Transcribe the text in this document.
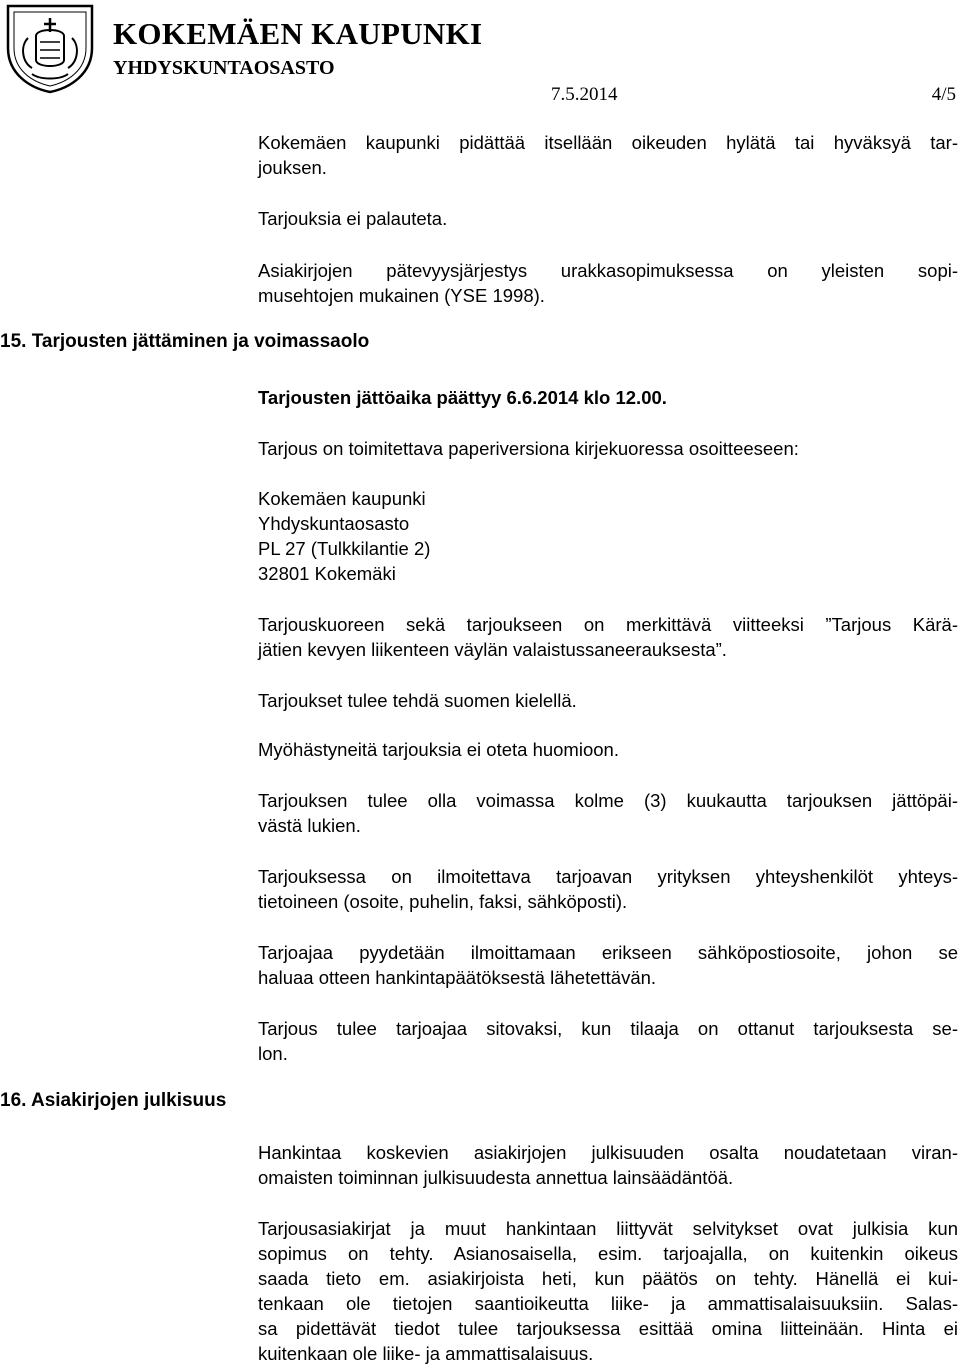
KOKEMÄEN KAUPUNKI
YHDYSKUNTAOSASTO
7.5.2014	4/5
15. Tarjousten jättäminen ja voimassaolo
16. Asiakirjojen julkisuus

Kokemäen kaupunki pidättää itsellään oikeuden hylätä tai hyväksyä tar-
jouksen.

Tarjouksia ei palauteta.

Asiakirjojen pätevyysjärjestys urakkasopimuksessa on yleisten sopi-
musehtojen mukainen (YSE 1998).

Tarjousten jättöaika päättyy 6.6.2014 klo 12.00.

Tarjous on toimitettava paperiversiona kirjekuoressa osoitteeseen:

Kokemäen kaupunki
Yhdyskuntaosasto
PL 27 (Tulkkilantie 2)
32801 Kokemäki

Tarjouskuoreen sekä tarjoukseen on merkittävä viitteeksi ”Tarjous Kärä-
jätien kevyen liikenteen väylän valaistussaneerauksesta”.

Tarjoukset tulee tehdä suomen kielellä.

Myöhästyneitä tarjouksia ei oteta huomioon.

Tarjouksen tulee olla voimassa kolme (3) kuukautta tarjouksen jättöpäi-
västä lukien.

Tarjouksessa on ilmoitettava tarjoavan yrityksen yhteyshenkilöt yhteys-
tietoineen (osoite, puhelin, faksi, sähköposti).

Tarjoajaa pyydetään ilmoittamaan erikseen sähköpostiosoite, johon se
haluaa otteen hankintapäätöksestä lähetettävän.

Tarjous tulee tarjoajaa sitovaksi, kun tilaaja on ottanut tarjouksesta se-
lon.

Hankintaa koskevien asiakirjojen julkisuuden osalta noudatetaan viran-
omaisten toiminnan julkisuudesta annettua lainsäädäntöä.

Tarjousasiakirjat ja muut hankintaan liittyvät selvitykset ovat julkisia kun
sopimus on tehty. Asianosaisella, esim. tarjoajalla, on kuitenkin oikeus
saada tieto em. asiakirjoista heti, kun päätös on tehty. Hänellä ei kui-
tenkaan ole tietojen saantioikeutta liike- ja ammattisalaisuuksiin. Salas-
sa pidettävät tiedot tulee tarjouksessa esittää omina liitteinään. Hinta ei
kuitenkaan ole liike- ja ammattisalaisuus.
